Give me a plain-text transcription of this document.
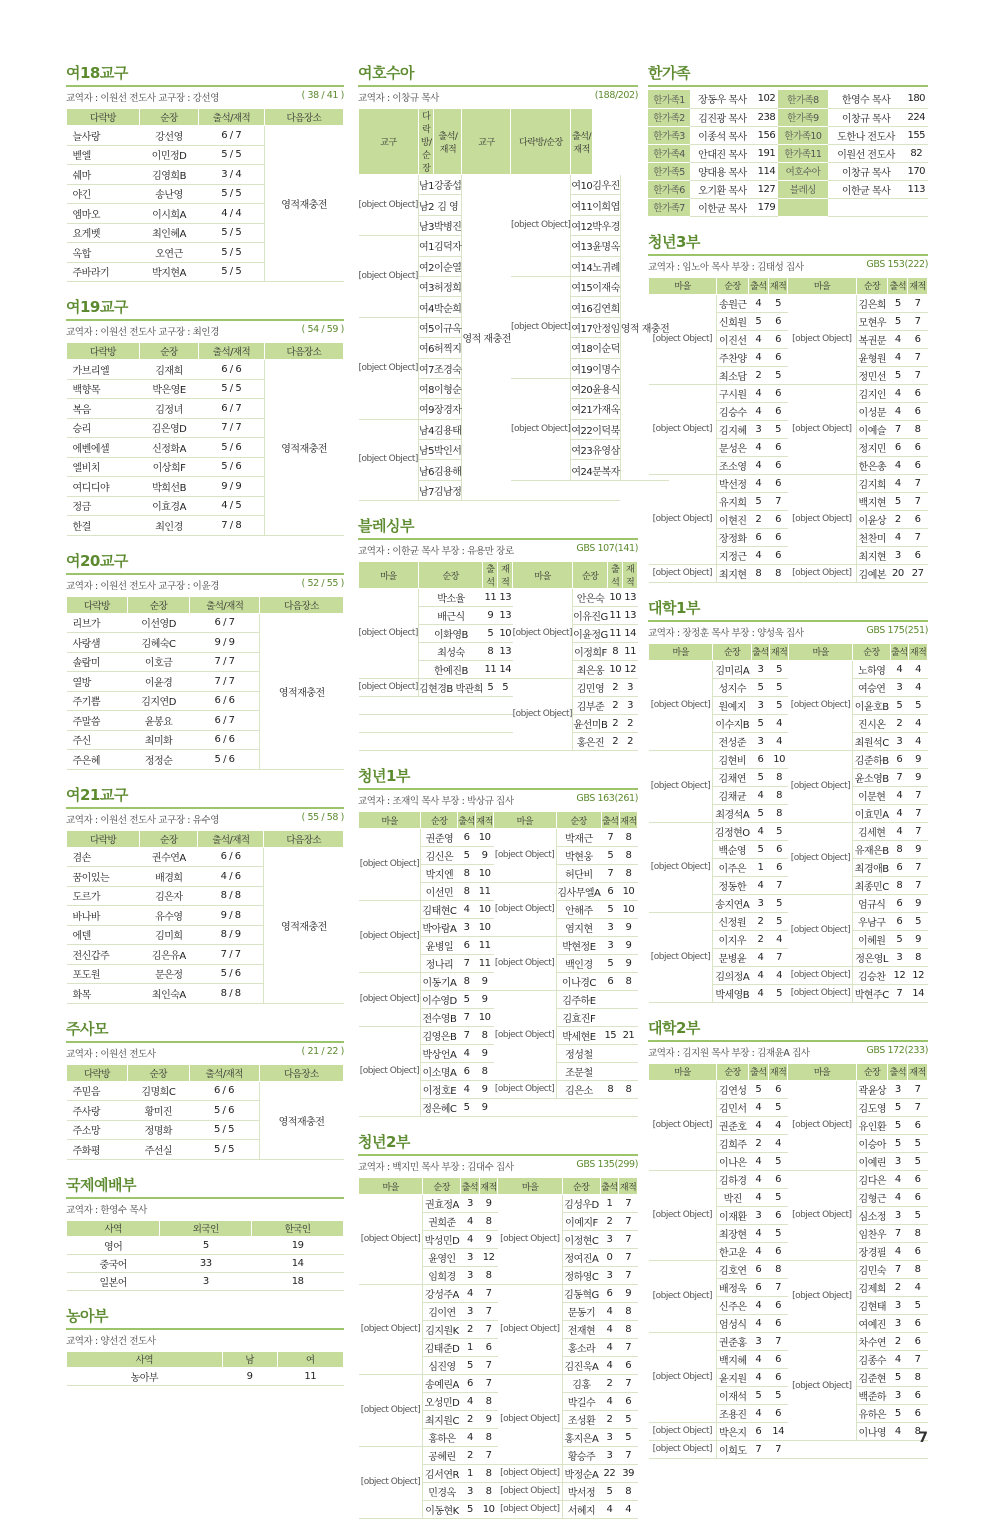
여18교구
교역자 : 이원선 전도사 교구장 : 강선영	( 38 / 41 )
다락방	순장	출석/재적	다음장소
늘사랑	강선영	6 / 7	영적재충전
벧엘	이민정D	5 / 5	
쉐마	김영희B	3 / 4	
야긴	송난영	5 / 5	
엠마오	이시희A	4 / 4	
요게벳	최인혜A	5 / 5	
옥합	오연근	5 / 5	
주바라기	박지현A	5 / 5	
여19교구
교역자 : 이원선 전도사 교구장 : 최인경	( 54 / 59 )
다락방	순장	출석/재적	다음장소
가브리엘	김재희	6 / 6	영적재충전
백향목	박은영E	5 / 5	
복음	김정녀	6 / 7	
승리	김은영D	7 / 7	
에벤에셀	신정화A	5 / 6	
엘비치	이상희F	5 / 6	
여디디야	박희선B	9 / 9	
정금	이효경A	4 / 5	
한결	최인경	7 / 8	
여20교구
교역자 : 이원선 전도사 교구장 : 이윤경	( 52 / 55 )
다락방	순장	출석/재적	다음장소
리브가	이선영D	6 / 7	영적재충전
사랑샘	김혜숙C	9 / 9	
솔람미	이호금	7 / 7	
열방	이윤경	7 / 7	
주기쁨	김지연D	6 / 6	
주말씀	윤봉요	6 / 7	
주신	최미화	6 / 6	
주은혜	정정순	5 / 6	
여21교구
교역자 : 이원선 전도사 교구장 : 유수영	( 55 / 58 )
다락방	순장	출석/재적	다음장소
겸손	권수연A	6 / 6	영적재충전
꿈이있는	배경희	4 / 6	
도르가	김은자	8 / 8	
바나바	유수영	9 / 8	
에덴	김미희	8 / 9	
전신갑주	김은유A	7 / 7	
포도원	문은정	5 / 6	
화목	최인숙A	8 / 8	
주사모
교역자 : 이원선 전도사	( 21 / 22 )
다락방	순장	출석/재적	다음장소
주믿음	김명희C	6 / 6	영적재충전
주사랑	황미진	5 / 6	
주소망	정명화	5 / 5	
주화평	주선실	5 / 5	
국제예배부
교역자 : 한영수 목사
사역	외국인	한국인
영어	5	19
중국어	33	14
일본어	3	18
농아부
교역자 : 양선건 전도사
사역	남	여
농아부	9	11
여호수아
교역자 : 이창규 목사	(188/202)
교구	다락방/순장	출석/재적	교구	다락방/순장	출석/재적		
[object Object]	남1	강종섭	영적 재충전	[object Object]	여10	김우진	영적 재충전
	남2	김 영			여11	이희엽	
	남3	박병진			여12	박우경	
[object Object]	여1	김덕자			여13	윤명옥	
	여2	이순열			여14	노귀례	
	여3	허정희		[object Object]	여15	이재숙	
	여4	박순희			여16	김연희	
[object Object]	여5	이규옥			여17	안정임	
	여6	허찍지			여18	이순덕	
	여7	조경숙			여19	이명수	
	여8	이형순		[object Object]	여20	윤용식	
	여9	장경자			여21	가재옥	
[object Object]	남4	김용태			여22	이덕북	
	남5	박인서			여23	유영삼	
	남6	김용해			여24	문복자	
	남7	김남정					
블레싱부
교역자 : 이한균 목사 부장 : 유용만 장로	GBS 107(141)
마을	순장	출석	재적	마을	순장	출석	재적
[object Object]	박소율	11	13	[object Object]	안은숙	10	13
	배근식	9	13		이유진G	11	13
	이화영B	5	10		이윤정G	11	14
	최성숙	8	13		이정희F	8	11
	한예진B	11	14		최은옹	10	12
[object Object]	김현경B 박관희	5	5	[object Object]	김민영	2	3
					김부준	2	3
					윤선미B	2	2
					홍은진	2	2
청년1부
교역자 : 조재익 목사 부장 : 박상규 집사	GBS 163(261)
마을	순장	출석	재적	마을	순장	출석	재적
[object Object]	권준영	6	10	[object Object]	박재근	7	8
	김신은	5	9		박현웅	5	8
	박지엔	8	10		허단비	7	8
	이선민	8	11	[object Object]	김사무엘A	6	10
[object Object]	김태현C	4	10		안해주	5	10
	박아람A	3	10		염지현	3	9
	윤병일	6	11	[object Object]	박현정E	3	9
	정나리	7	11		백인경	5	9
[object Object]	이동기A	8	9		이나경C	6	8
	이수영D	5	9	[object Object]	김주하E		
	전수영B	7	10		김효진F		
[object Object]	김영은B	7	8		박세현E	15	21
	박상언A	4	9		정성철		
	이소명A	6	8		조문철		
	이정호E	4	9	[object Object]	김은소	8	8
	정은혜C	5	9				
청년2부
교역자 : 백지민 목사 부장 : 김대수 집사	GBS 135(299)
마을	순장	출석	재적	마을	순장	출석	재적
[object Object]	권효정A	3	9	[object Object]	김성우D	1	7
	권희준	4	8		이예지F	2	7
	박성민D	4	9		이정현C	3	7
	윤영인	3	12		정여진A	0	7
	임희경	3	8		정하영C	3	7
[object Object]	강성주A	4	7	[object Object]	김동혁G	6	9
	김이연	3	7		문동기	4	8
	김지원K	2	7		전재현	4	8
	김태준D	1	6		홍소라	4	7
	심진영	5	7		김진욱A	4	6
[object Object]	송예린A	6	7	[object Object]	김홍	2	7
	오성민D	4	8		박길수	4	6
	최지원C	2	9		조성환	2	5
	홍하은	4	8		홍지은A	3	5
[object Object]	공혜린	2	7		황승주	3	7
	김서연R	1	8	[object Object]	박정순A	22	39
	민경옥	3	8	[object Object]	박서정	5	8
	이동현K	5	10	[object Object]	서혜지	4	4
한가족
한가족1	장동우 목사	102	한가족8	한영수 목사	180
한가족2	김진광 목사	238	한가족9	이창규 목사	224
한가족3	이종석 목사	156	한가족10	도한나 전도사	155
한가족4	안대진 목사	191	한가족11	이원선 전도사	82
한가족5	양대용 목사	114	여호수아	이창규 목사	170
한가족6	오기환 목사	127	블레싱	이한균 목사	113
한가족7	이한균 목사	179			
청년3부
교역자 : 임노아 목사 부장 : 김태성 집사	GBS 153(222)
마을	순장	출석	재적	마을	순장	출석	재적
[object Object]	송원근	4	5	[object Object]	김은희	5	7
	신희원	5	6		모현우	5	7
	이진선	4	6		복권문	4	6
	주찬양	4	6		윤형원	4	7
	최소담	2	5		정민선	5	7
[object Object]	구시원	4	6	[object Object]	김지인	4	6
	김승수	4	6		이성문	4	6
	김지혜	3	5		이예슬	7	8
	문성은	4	6		정지민	6	6
	조소영	4	6		한은총	4	6
[object Object]	박선정	4	6	[object Object]	김지희	4	7
	유지희	5	7		백지현	5	7
	이현진	2	6		이윤상	2	6
	장정화	6	6		천찬미	4	7
	지정근	4	6		최지현	3	6
[object Object]	최지현	8	8	[object Object]	김예본	20	27
대학1부
교역자 : 장정훈 목사 부장 : 양성욱 집사	GBS 175(251)
마을	순장	출석	재적	마을	순장	출석	재적
[object Object]	김미리A	3	5	[object Object]	노하영	4	4
	성지수	5	5		여승연	3	4
	원예지	3	5		이윤호B	5	5
	이수지B	5	4		진시온	2	4
	전성준	3	4		최원석C	3	4
[object Object]	김현비	6	10	[object Object]	김준하B	6	9
	김채연	5	8		윤소영B	7	9
	김채균	4	8		이문현	4	7
	최경석A	5	8		이효민A	4	7
[object Object]	김정현O	4	5	[object Object]	김세현	4	7
	백순영	5	6		유재은B	8	9
	이주은	1	6		최경애B	6	7
	정동한	4	7		최종민C	8	7
	송지연A	3	5	[object Object]	엄규식	6	9
[object Object]	신정원	2	5		우남구	6	5
	이지우	2	4		이혜원	5	9
	문병윤	4	7		정은영L	3	8
	김의정A	4	4	[object Object]	김승찬	12	12
	박세영B	4	5	[object Object]	박현주C	7	14
대학2부
교역자 : 김지원 목사 부장 : 김재윤A 집사	GBS 172(233)
마을	순장	출석	재적	마을	순장	출석	재적
[object Object]	김연성	5	6	[object Object]	곽윤상	3	7
	김민서	4	5		김도영	5	7
	권준호	4	4		유인환	5	6
	김희주	2	4		이승아	5	5
	이나은	4	5		이예린	3	5
[object Object]	김하경	4	6	[object Object]	김다은	4	6
	박진	4	5		김형근	4	6
	이재환	3	6		심소정	3	5
	최장현	4	5		임찬우	7	8
	한고운	4	6		장경필	4	6
[object Object]	김호연	6	8	[object Object]	김민숙	7	8
	배정욱	6	7		김제희	2	4
	신주은	4	6		김현태	3	5
	엄성식	4	6		여예진	3	6
[object Object]	권준홍	3	7	[object Object]	차수연	2	6
	백지혜	4	6		김종수	4	7
	윤지원	4	6		김준현	5	8
	이재석	5	5		백준하	3	6
	조용진	4	6		유하은	5	6
[object Object]	박은지	6	14		이나영	4	8
[object Object]	이희도	7	7				
7
